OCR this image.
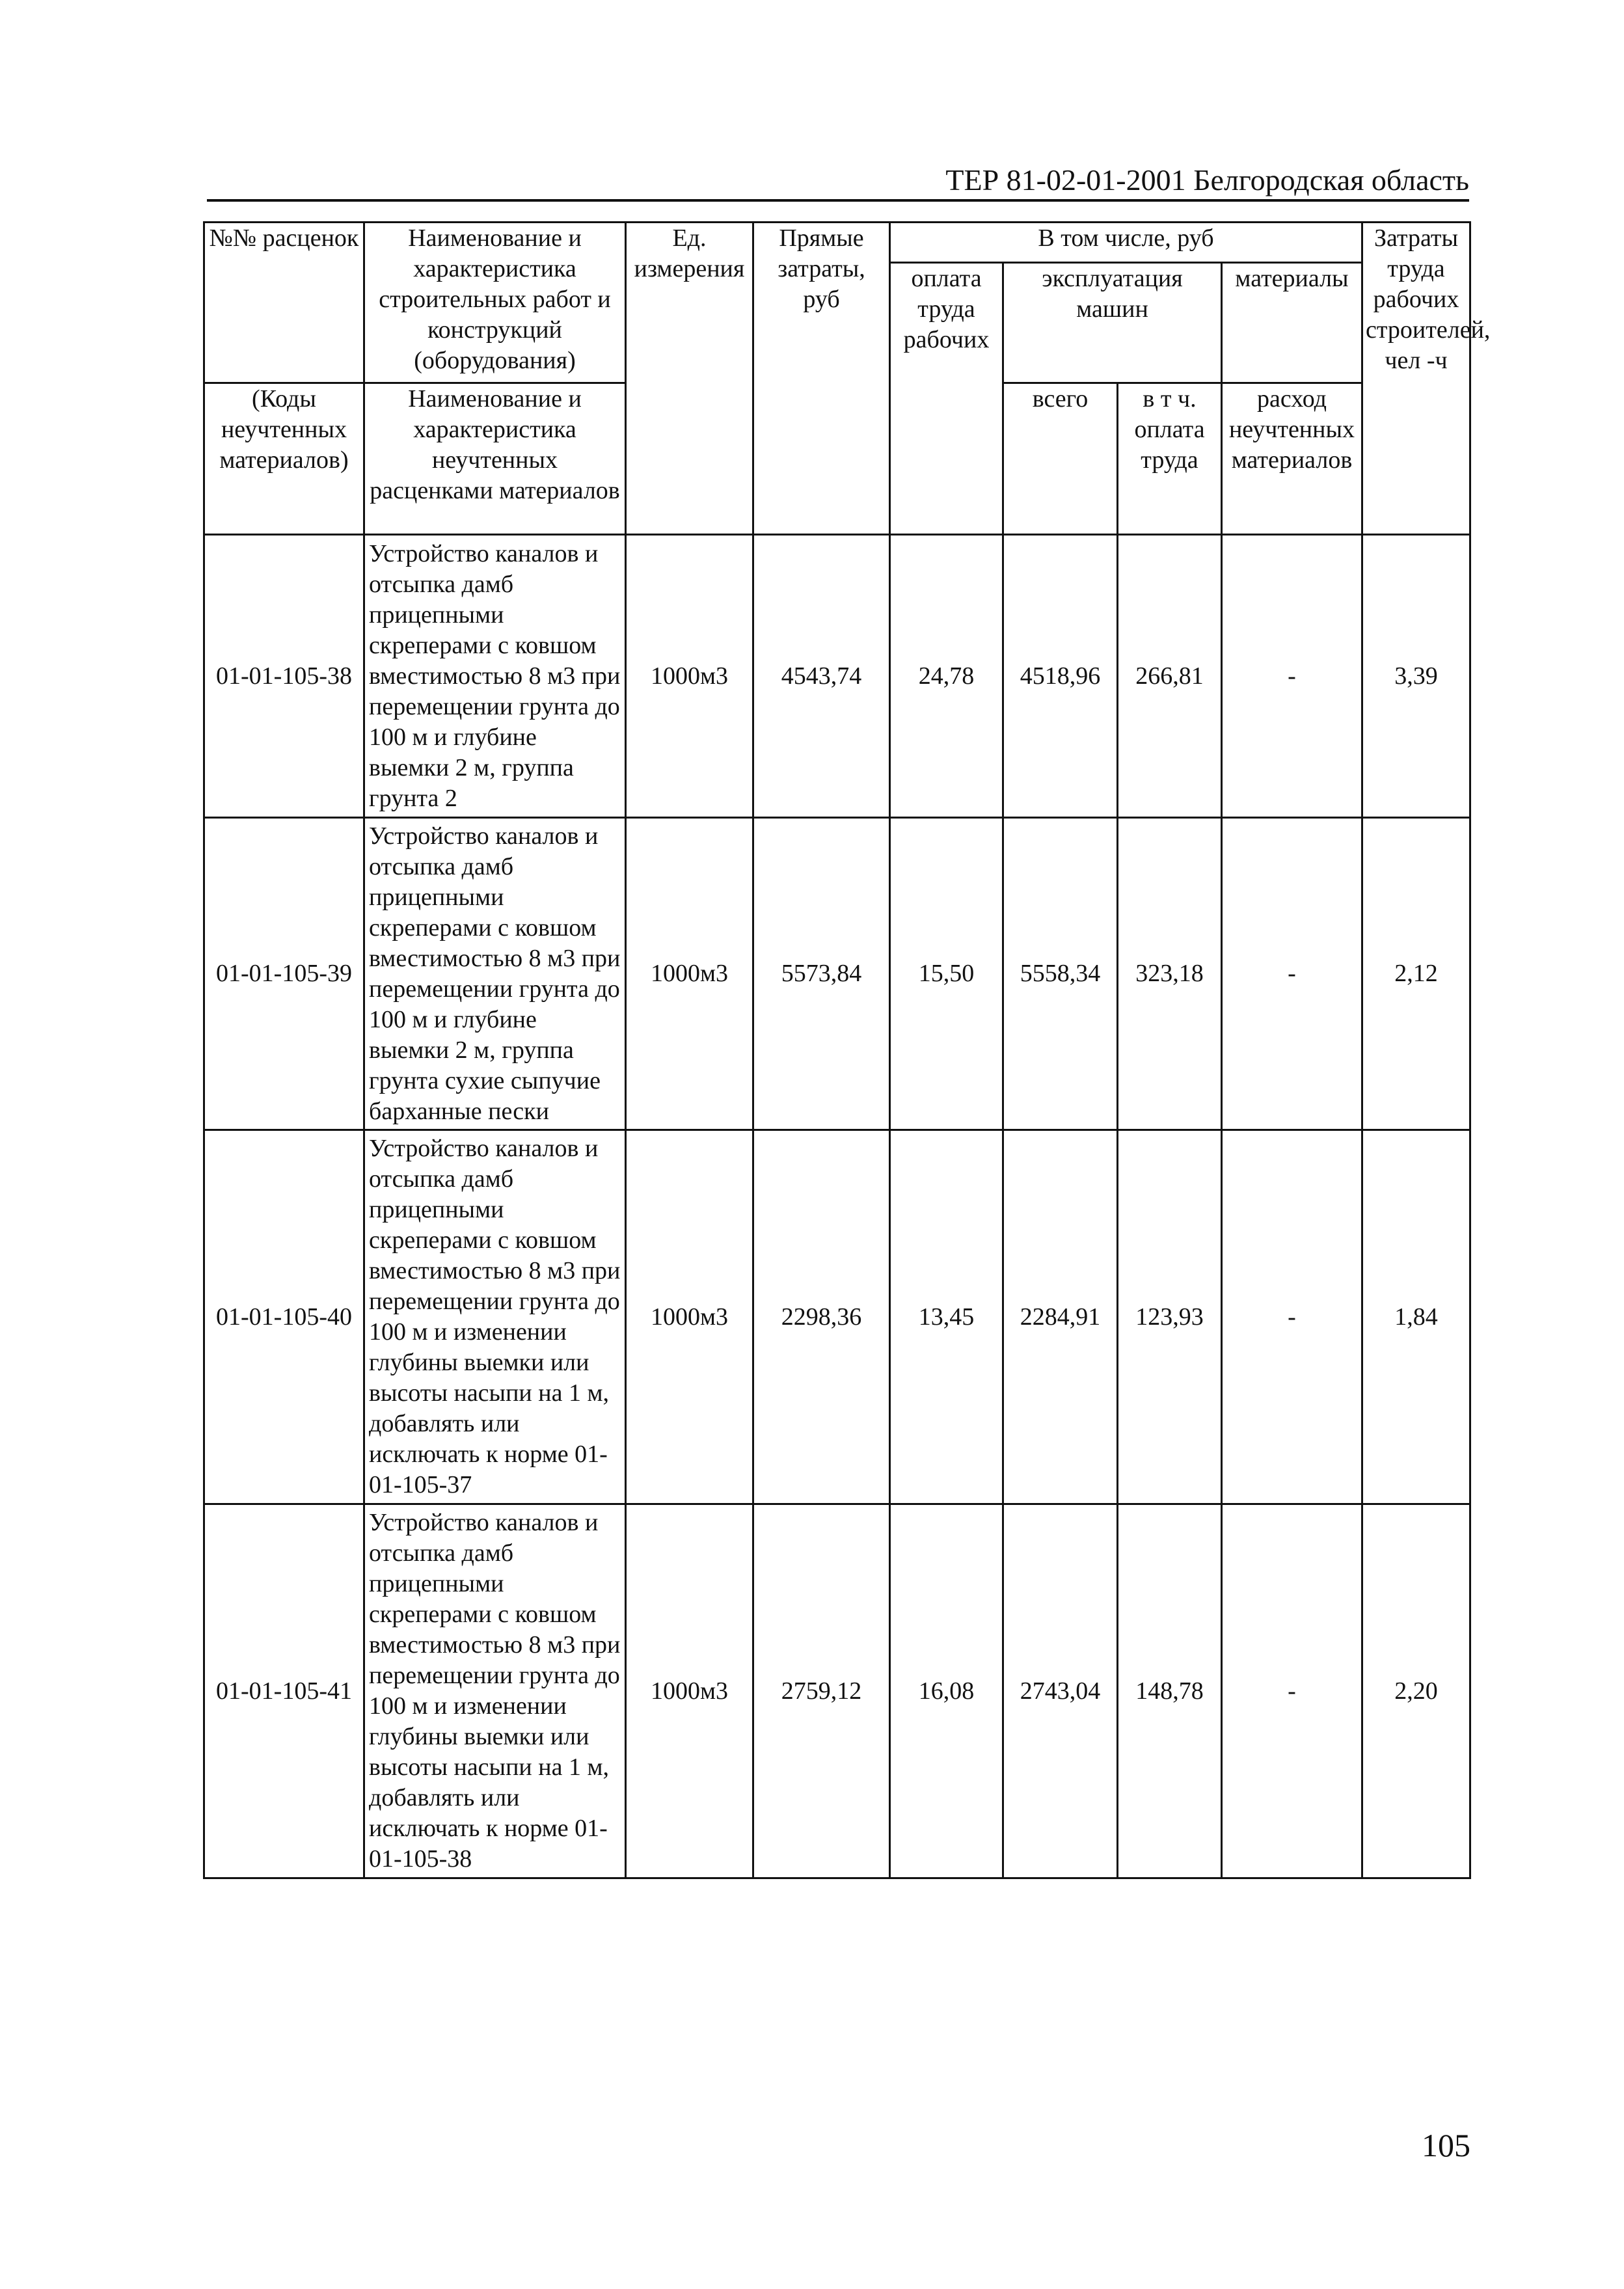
ТЕР 81-02-01-2001 Белгородская область
№№ расценок	Наименование и характеристика строительных работ и конструкций (оборудования)	Ед. измерения	Прямые затраты, руб	В том числе, руб				Затраты труда рабочих строителей, чел -ч
				оплата труда рабочих	эксплуатация машин		материалы	
(Коды неучтенных материалов)	Наименование и характеристика неучтенных расценками материалов				всего	в т ч. оплата труда	расход неучтенных материалов	
01-01-105-38	Устройство каналов и отсыпка дамб прицепными скреперами с ковшом вместимостью 8 м3 при перемещении грунта до 100 м и глубине выемки 2 м, группа грунта 2	1000м3	4543,74	24,78	4518,96	266,81	-	3,39
01-01-105-39	Устройство каналов и отсыпка дамб прицепными скреперами с ковшом вместимостью 8 м3 при перемещении грунта до 100 м и глубине выемки 2 м, группа грунта сухие сыпучие барханные пески	1000м3	5573,84	15,50	5558,34	323,18	-	2,12
01-01-105-40	Устройство каналов и отсыпка дамб прицепными скреперами с ковшом вместимостью 8 м3 при перемещении грунта до 100 м и изменении глубины выемки или высоты насыпи на 1 м, добавлять или исключать к норме 01-01-105-37	1000м3	2298,36	13,45	2284,91	123,93	-	1,84
01-01-105-41	Устройство каналов и отсыпка дамб прицепными скреперами с ковшом вместимостью 8 м3 при перемещении грунта до 100 м и изменении глубины выемки или высоты насыпи на 1 м, добавлять или исключать к норме 01-01-105-38	1000м3	2759,12	16,08	2743,04	148,78	-	2,20
105
